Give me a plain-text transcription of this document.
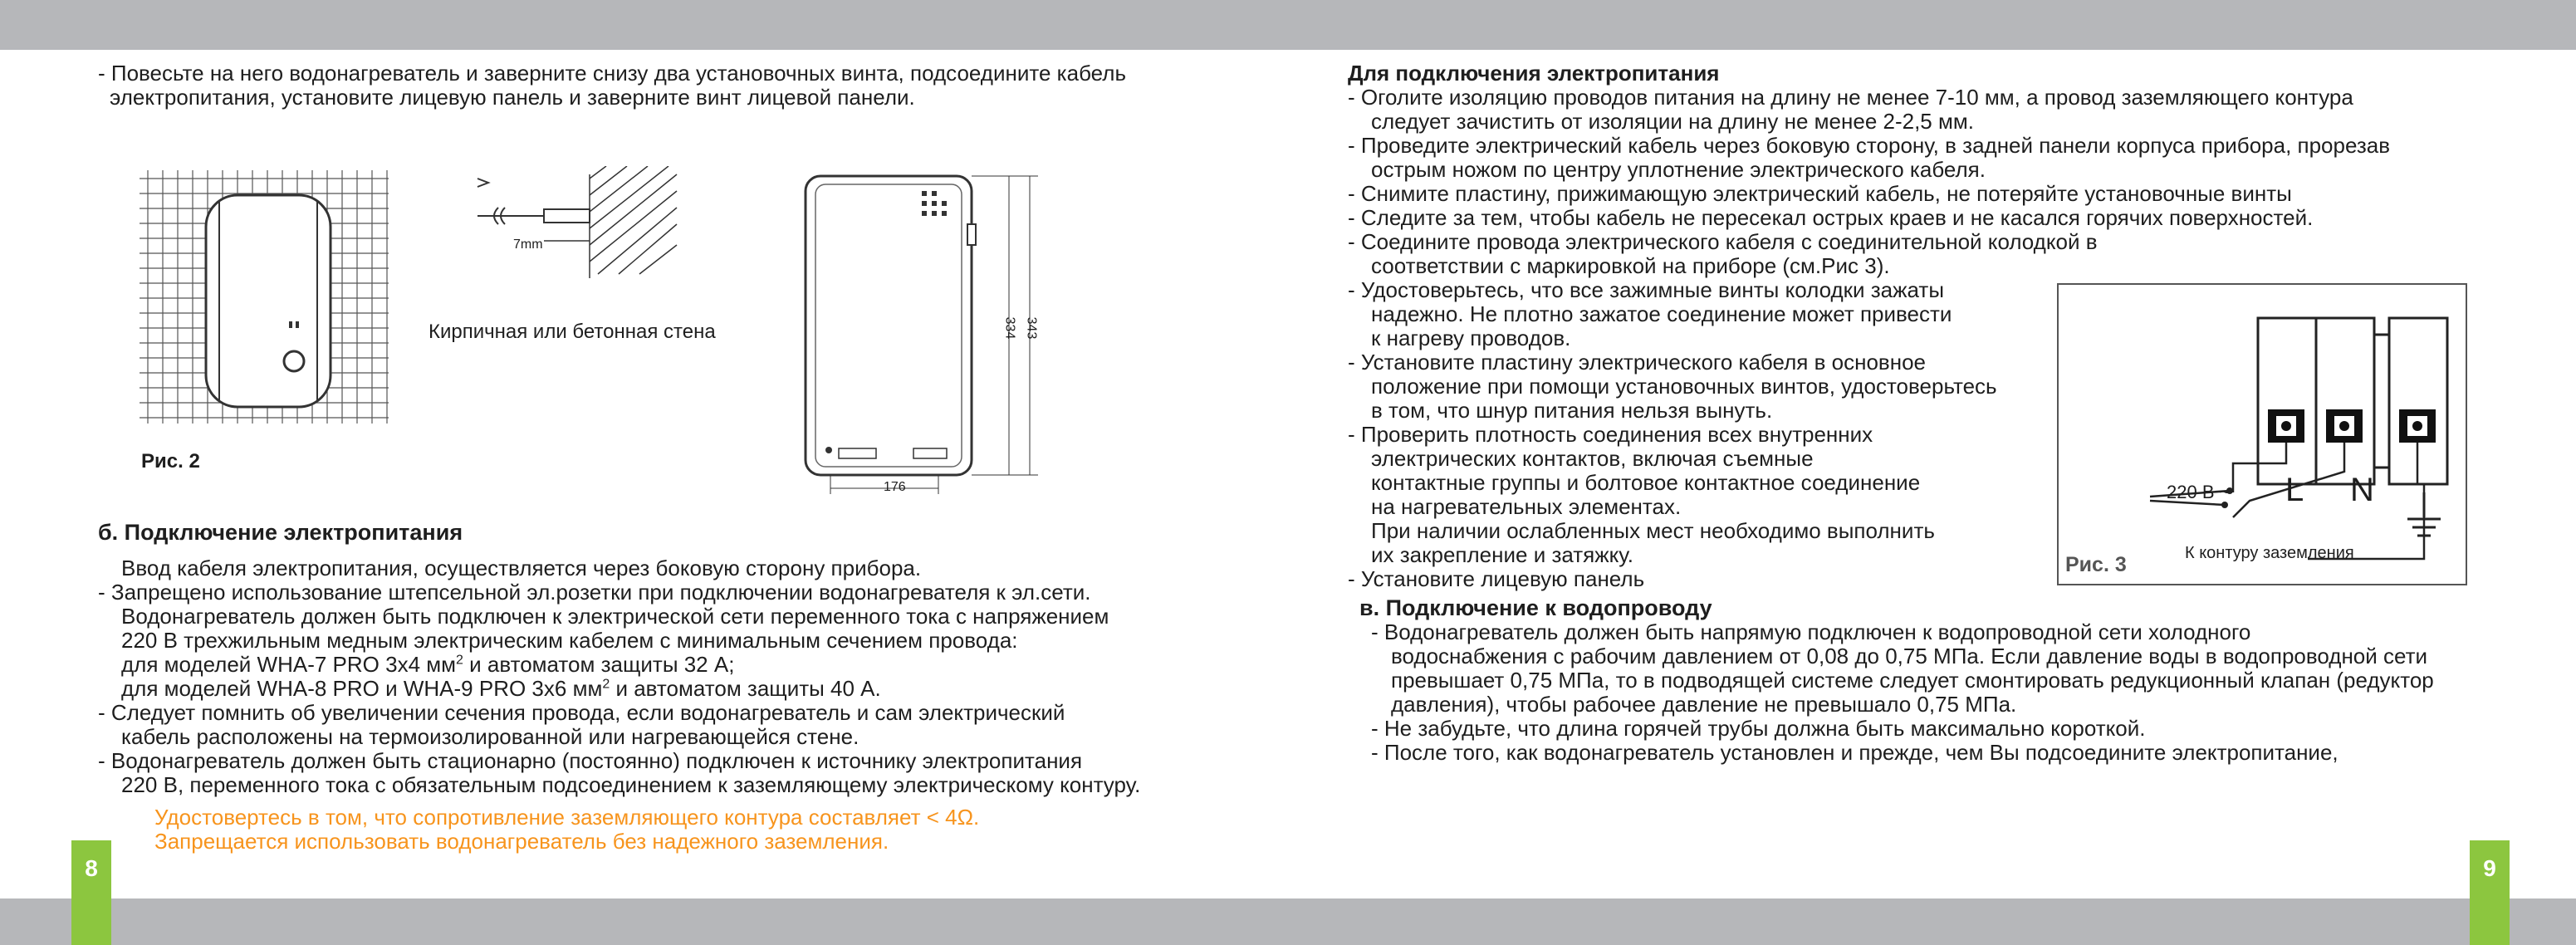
- Повесьте на него водонагреватель и заверните снизу два установочных винта, подсоедините кабель

электропитания, установите лицевую панель и заверните винт лицевой панели.

7mm
Кирпичная или бетонная стена	334 343
176
Рис. 2

б. Подключение электропитания

Ввод кабеля электропитания, осуществляется через боковую сторону прибора.

- Запрещено использование штепсельной эл.розетки при подключении водонагревателя к эл.сети.

Водонагреватель должен быть подключен к электрической сети переменного тока с напряжением

220 В трехжильным медным электрическим кабелем с минимальным сечением провода:

для моделей WHA-7 PRO 3х4 $мм^2$ и автоматом защиты 32 А;

для моделей WHA-8 PRO и WHA-9 PRO 3х6 $мм^2$ и автоматом защиты 40 А.

- Следует помнить об увеличении сечения провода, если водонагреватель и сам электрический

кабель расположены на термоизолированной или нагревающейся стене.

- Водонагреватель должен быть стационарно (постоянно) подключен к источнику электропитания

220 В, переменного тока с обязательным подсоединением к заземляющему электрическому контуру.

Удостовертесь в том, что сопротивление заземляющего контура составляет < 4Ω.

Запрещается использовать водонагреватель без надежного заземления.

8

Для подключения электропитания

- Оголите изоляцию проводов питания на длину не менее 7-10 мм, а провод заземляющего контура

следует зачистить от изоляции на длину не менее 2-2,5 мм.

- Проведите электрический кабель через боковую сторону, в задней панели корпуса прибора, прорезав

острым ножом по центру уплотнение электрического кабеля.

- Снимите пластину, прижимающую электрический кабель, не потеряйте установочные винты

- Следите за тем, чтобы кабель не пересекал острых краев и не касался горячих поверхностей.

- Соедините провода электрического кабеля с соединительной колодкой в

соответствии с маркировкой на приборе (см.Рис 3).

- Удостоверьтесь, что все зажимные винты колодки зажаты

надежно. Не плотно зажатое соединение может привести

к нагреву проводов.

- Установите пластину электрического кабеля в основное

положение при помощи установочных винтов, удостоверьтесь

в том, что шнур питания нельзя вынуть.

- Проверить плотность соединения всех внутренних

электрических контактов, включая съемные

контактные группы и болтовое контактное соединение

на нагревательных элементах.

При наличии ослабленных мест необходимо выполнить

их закрепление и затяжку.

- Установите лицевую панель

в. Подключение к водопроводу

- Водонагреватель должен быть напрямую подключен к водопроводной сети холодного

водоснабжения с рабочим давлением от 0,08 до 0,75 МПа. Если давление воды в водопроводной сети

превышает 0,75 МПа, то в подводящей системе следует смонтировать редукционный клапан (редуктор

давления), чтобы рабочее давление не превышало 0,75 МПа.

- Не забудьте, что длина горячей трубы должна быть максимально короткой.

- После того, как водонагреватель установлен и прежде, чем Вы подсоедините электропитание,

220 В ~ L N
К контуру заземления
Рис. 3
9
